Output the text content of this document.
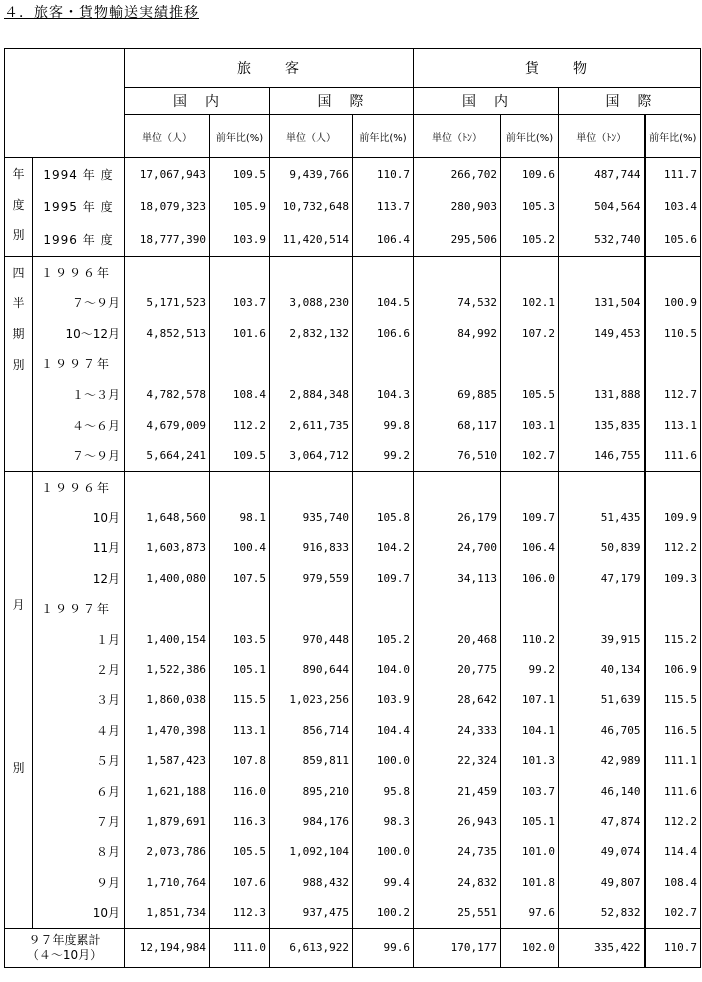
４．旅客・貨物輸送実績推移
		旅　　客				貨　　物			
		国　内		国　際		国　内		国　際	
		単位（人）	前年比(%)	単位（人）	前年比(%)	単位（ﾄﾝ）	前年比(%)	単位（ﾄﾝ）	前年比(%)

年
度
別	1994 年 度	17,067,943	109.5	9,439,766	110.7	266,702	109.6	487,744	111.7
	1995 年 度	18,079,323	105.9	10,732,648	113.7	280,903	105.3	504,564	103.4
	1996 年 度	18,777,390	103.9	11,420,514	106.4	295,506	105.2	532,740	105.6

四
半
期
別	１９９６年								
	７～９月	5,171,523	103.7	3,088,230	104.5	74,532	102.1	131,504	100.9
	10～12月	4,852,513	101.6	2,832,132	106.6	84,992	107.2	149,453	110.5
	１９９７年								
	１～３月	4,782,578	108.4	2,884,348	104.3	69,885	105.5	131,888	112.7
	４～６月	4,679,009	112.2	2,611,735	99.8	68,117	103.1	135,835	113.1
	７～９月	5,664,241	109.5	3,064,712	99.2	76,510	102.7	146,755	111.6

月
別	１９９６年								
	10月	1,648,560	98.1	935,740	105.8	26,179	109.7	51,435	109.9
	11月	1,603,873	100.4	916,833	104.2	24,700	106.4	50,839	112.2
	12月	1,400,080	107.5	979,559	109.7	34,113	106.0	47,179	109.3
	１９９７年								
	１月	1,400,154	103.5	970,448	105.2	20,468	110.2	39,915	115.2
	２月	1,522,386	105.1	890,644	104.0	20,775	99.2	40,134	106.9
	３月	1,860,038	115.5	1,023,256	103.9	28,642	107.1	51,639	115.5
	４月	1,470,398	113.1	856,714	104.4	24,333	104.1	46,705	116.5
	５月	1,587,423	107.8	859,811	100.0	22,324	101.3	42,989	111.1
	６月	1,621,188	116.0	895,210	95.8	21,459	103.7	46,140	111.6
	７月	1,879,691	116.3	984,176	98.3	26,943	105.1	47,874	112.2
	８月	2,073,786	105.5	1,092,104	100.0	24,735	101.0	49,074	114.4
	９月	1,710,764	107.6	988,432	99.4	24,832	101.8	49,807	108.4
	10月	1,851,734	112.3	937,475	100.2	25,551	97.6	52,832	102.7

９７年度累計
（４～10月）		12,194,984	111.0	6,613,922	99.6	170,177	102.0	335,422	110.7
